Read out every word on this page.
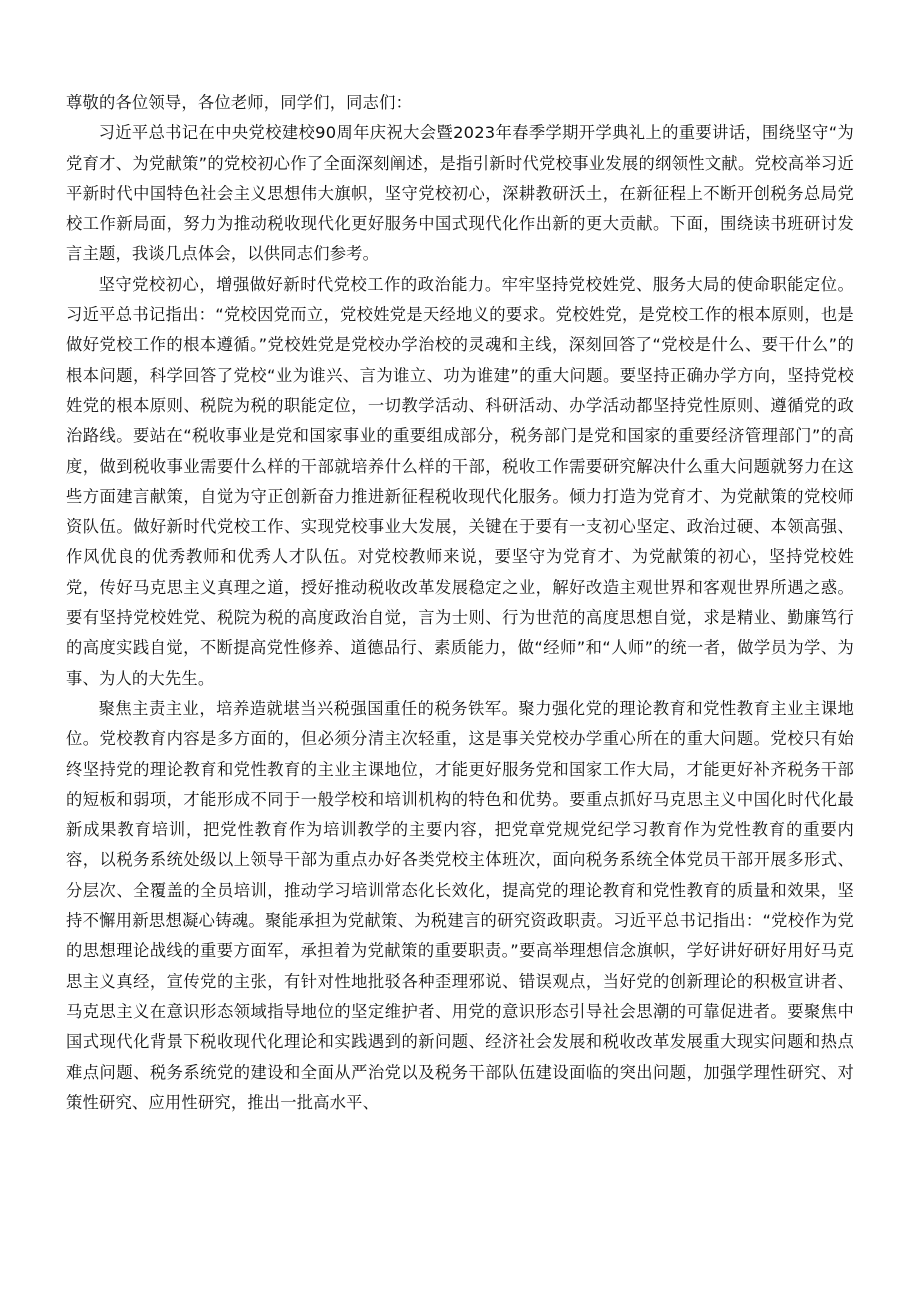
尊敬的各位领导，各位老师，同学们，同志们：

习近平总书记在中央党校建校90周年庆祝大会暨2023年春季学期开学典礼上的重要讲话，围绕坚守“为党育才、为党献策”的党校初心作了全面深刻阐述，是指引新时代党校事业发展的纲领性文献。党校高举习近平新时代中国特色社会主义思想伟大旗帜，坚守党校初心，深耕教研沃土，在新征程上不断开创税务总局党校工作新局面，努力为推动税收现代化更好服务中国式现代化作出新的更大贡献。下面，围绕读书班研讨发言主题，我谈几点体会，以供同志们参考。

坚守党校初心，增强做好新时代党校工作的政治能力。牢牢坚持党校姓党、服务大局的使命职能定位。习近平总书记指出：“党校因党而立，党校姓党是天经地义的要求。党校姓党，是党校工作的根本原则，也是做好党校工作的根本遵循。”党校姓党是党校办学治校的灵魂和主线，深刻回答了“党校是什么、要干什么”的根本问题，科学回答了党校“业为谁兴、言为谁立、功为谁建”的重大问题。要坚持正确办学方向，坚持党校姓党的根本原则、税院为税的职能定位，一切教学活动、科研活动、办学活动都坚持党性原则、遵循党的政治路线。要站在“税收事业是党和国家事业的重要组成部分，税务部门是党和国家的重要经济管理部门”的高度，做到税收事业需要什么样的干部就培养什么样的干部，税收工作需要研究解决什么重大问题就努力在这些方面建言献策，自觉为守正创新奋力推进新征程税收现代化服务。倾力打造为党育才、为党献策的党校师资队伍。做好新时代党校工作、实现党校事业大发展，关键在于要有一支初心坚定、政治过硬、本领高强、作风优良的优秀教师和优秀人才队伍。对党校教师来说，要坚守为党育才、为党献策的初心，坚持党校姓党，传好马克思主义真理之道，授好推动税收改革发展稳定之业，解好改造主观世界和客观世界所遇之惑。要有坚持党校姓党、税院为税的高度政治自觉，言为士则、行为世范的高度思想自觉，求是精业、勤廉笃行的高度实践自觉，不断提高党性修养、道德品行、素质能力，做“经师”和“人师”的统一者，做学员为学、为事、为人的大先生。

聚焦主责主业，培养造就堪当兴税强国重任的税务铁军。聚力强化党的理论教育和党性教育主业主课地位。党校教育内容是多方面的，但必须分清主次轻重，这是事关党校办学重心所在的重大问题。党校只有始终坚持党的理论教育和党性教育的主业主课地位，才能更好服务党和国家工作大局，才能更好补齐税务干部的短板和弱项，才能形成不同于一般学校和培训机构的特色和优势。要重点抓好马克思主义中国化时代化最新成果教育培训，把党性教育作为培训教学的主要内容，把党章党规党纪学习教育作为党性教育的重要内容，以税务系统处级以上领导干部为重点办好各类党校主体班次，面向税务系统全体党员干部开展多形式、分层次、全覆盖的全员培训，推动学习培训常态化长效化，提高党的理论教育和党性教育的质量和效果，坚持不懈用新思想凝心铸魂。聚能承担为党献策、为税建言的研究资政职责。习近平总书记指出：“党校作为党的思想理论战线的重要方面军，承担着为党献策的重要职责。”要高举理想信念旗帜，学好讲好研好用好马克思主义真经，宣传党的主张，有针对性地批驳各种歪理邪说、错误观点，当好党的创新理论的积极宣讲者、马克思主义在意识形态领域指导地位的坚定维护者、用党的意识形态引导社会思潮的可靠促进者。要聚焦中国式现代化背景下税收现代化理论和实践遇到的新问题、经济社会发展和税收改革发展重大现实问题和热点难点问题、税务系统党的建设和全面从严治党以及税务干部队伍建设面临的突出问题，加强学理性研究、对策性研究、应用性研究，推出一批高水平、
